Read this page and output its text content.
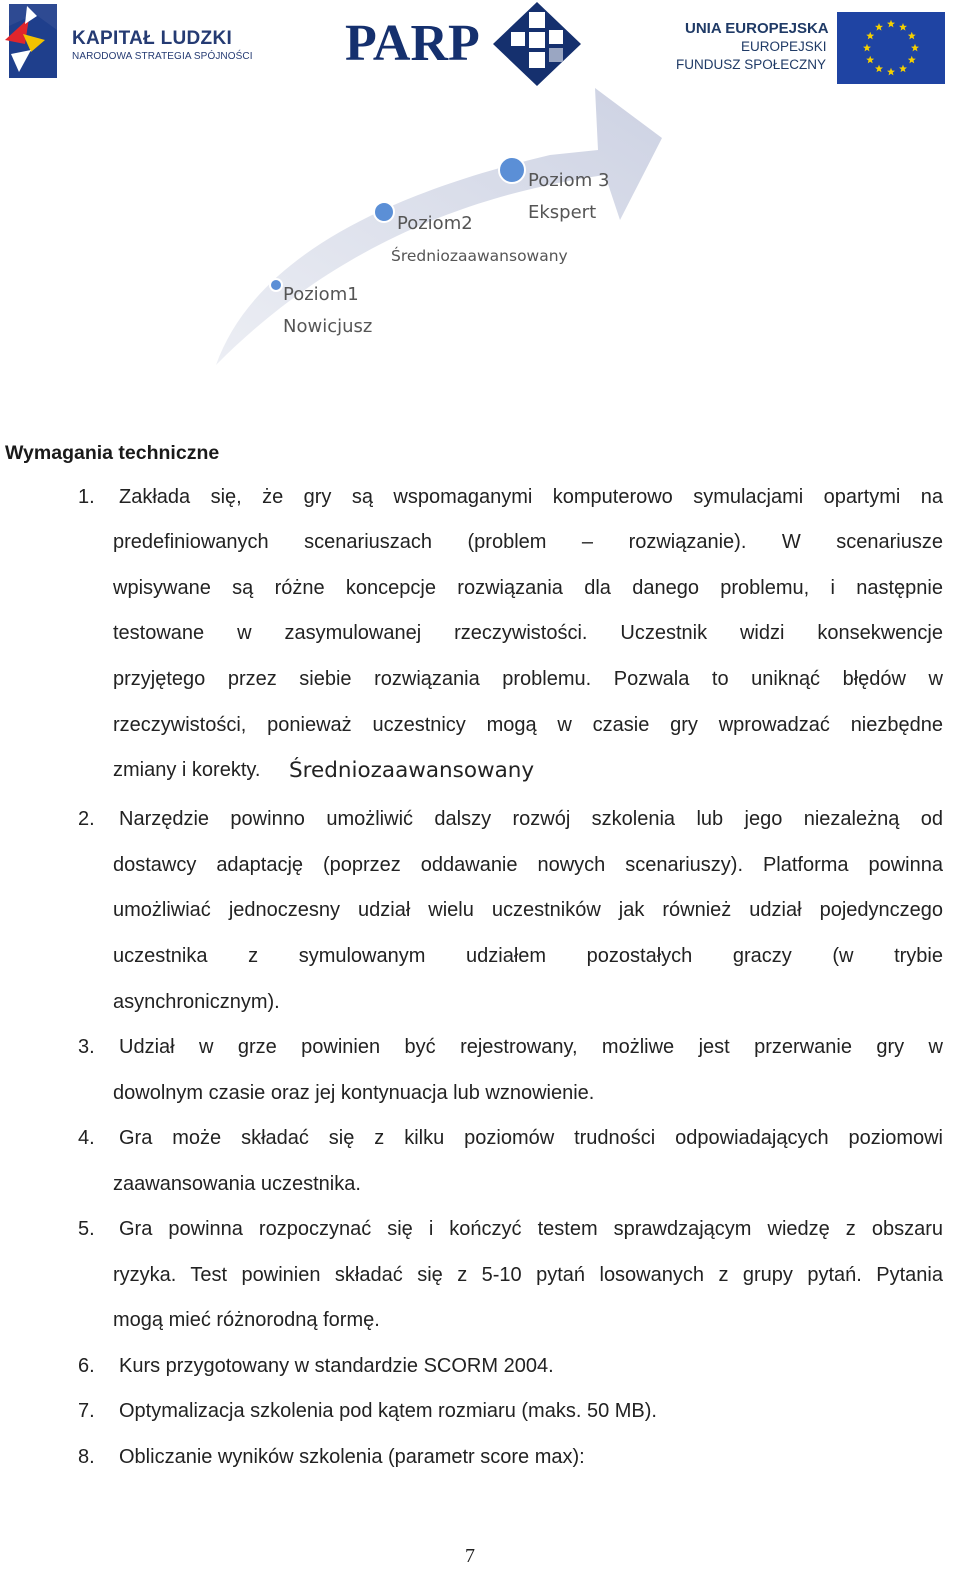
KAPITAŁ LUDZKI
NARODOWA STRATEGIA SPÓJNOŚCI PARP	UNIA EUROPEJSKA
EUROPEJSKI
FUNDUSZ SPOŁECZNY
Poziom1
Nowicjusz
Poziom2
Średniozaawansowany
Poziom 3
Ekspert
Wymagania techniczne
1. Zakłada się, że gry są wspomaganymi komputerowo symulacjami opartymi na
predefiniowanych scenariuszach (problem – rozwiązanie). W scenariusze
wpisywane są różne koncepcje rozwiązania dla danego problemu, i następnie
testowane w zasymulowanej rzeczywistości. Uczestnik widzi konsekwencje
przyjętego przez siebie rozwiązania problemu. Pozwala to uniknąć błędów w
rzeczywistości, ponieważ uczestnicy mogą w czasie gry wprowadzać niezbędne
zmiany i korekty. Średniozaawansowany
2. Narzędzie powinno umożliwić dalszy rozwój szkolenia lub jego niezależną od
dostawcy adaptację (poprzez oddawanie nowych scenariuszy). Platforma powinna
umożliwiać jednoczesny udział wielu uczestników jak również udział pojedynczego
uczestnika z symulowanym udziałem pozostałych graczy (w trybie
asynchronicznym).
3. Udział w grze powinien być rejestrowany, możliwe jest przerwanie gry w
dowolnym czasie oraz jej kontynuacja lub wznowienie.
4. Gra może składać się z kilku poziomów trudności odpowiadających poziomowi
zaawansowania uczestnika.
5. Gra powinna rozpoczynać się i kończyć testem sprawdzającym wiedzę z obszaru
ryzyka. Test powinien składać się z 5-10 pytań losowanych z grupy pytań. Pytania
mogą mieć różnorodną formę.
6. Kurs przygotowany w standardzie SCORM 2004.
7. Optymalizacja szkolenia pod kątem rozmiaru (maks. 50 MB).
8. Obliczanie wyników szkolenia (parametr score max):
7
